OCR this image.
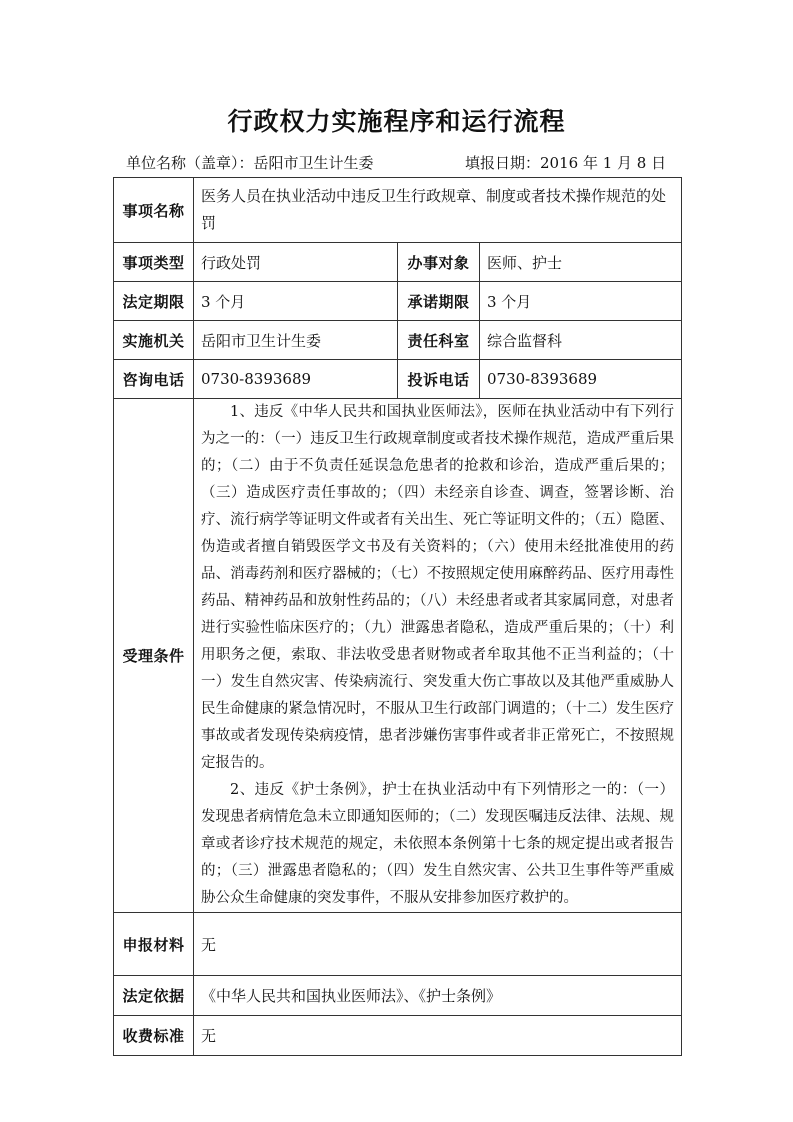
行政权力实施程序和运行流程
单位名称（盖章）：岳阳市卫生计生委	填报日期：2016 年 1 月 8 日
事项名称	医务人员在执业活动中违反卫生行政规章、制度或者技术操作规范的处罚		
事项类型	行政处罚	办事对象	医师、护士
法定期限	3 个月	承诺期限	3 个月
实施机关	岳阳市卫生计生委	责任科室	综合监督科
咨询电话	0730-8393689	投诉电话	0730-8393689
受理条件	1、违反《中华人民共和国执业医师法》，医师在执业活动中有下列行为之一的：（一）违反卫生行政规章制度或者技术操作规范，造成严重后果的；（二）由于不负责任延误急危患者的抢救和诊治，造成严重后果的；（三）造成医疗责任事故的；（四）未经亲自诊查、调查，签署诊断、治疗、流行病学等证明文件或者有关出生、死亡等证明文件的；（五）隐匿、伪造或者擅自销毁医学文书及有关资料的；（六）使用未经批准使用的药品、消毒药剂和医疗器械的；（七）不按照规定使用麻醉药品、医疗用毒性药品、精神药品和放射性药品的；（八）未经患者或者其家属同意，对患者进行实验性临床医疗的；（九）泄露患者隐私，造成严重后果的；（十）利用职务之便，索取、非法收受患者财物或者牟取其他不正当利益的；（十一）发生自然灾害、传染病流行、突发重大伤亡事故以及其他严重威胁人民生命健康的紧急情况时，不服从卫生行政部门调遣的；（十二）发生医疗事故或者发现传染病疫情，患者涉嫌伤害事件或者非正常死亡，不按照规定报告的。

2、违反《护士条例》，护士在执业活动中有下列情形之一的：（一）发现患者病情危急未立即通知医师的；（二）发现医嘱违反法律、法规、规章或者诊疗技术规范的规定，未依照本条例第十七条的规定提出或者报告的；（三）泄露患者隐私的；（四）发生自然灾害、公共卫生事件等严重威胁公众生命健康的突发事件，不服从安排参加医疗救护的。		

申报材料	无		
法定依据	《中华人民共和国执业医师法》、《护士条例》		
收费标准	无		
